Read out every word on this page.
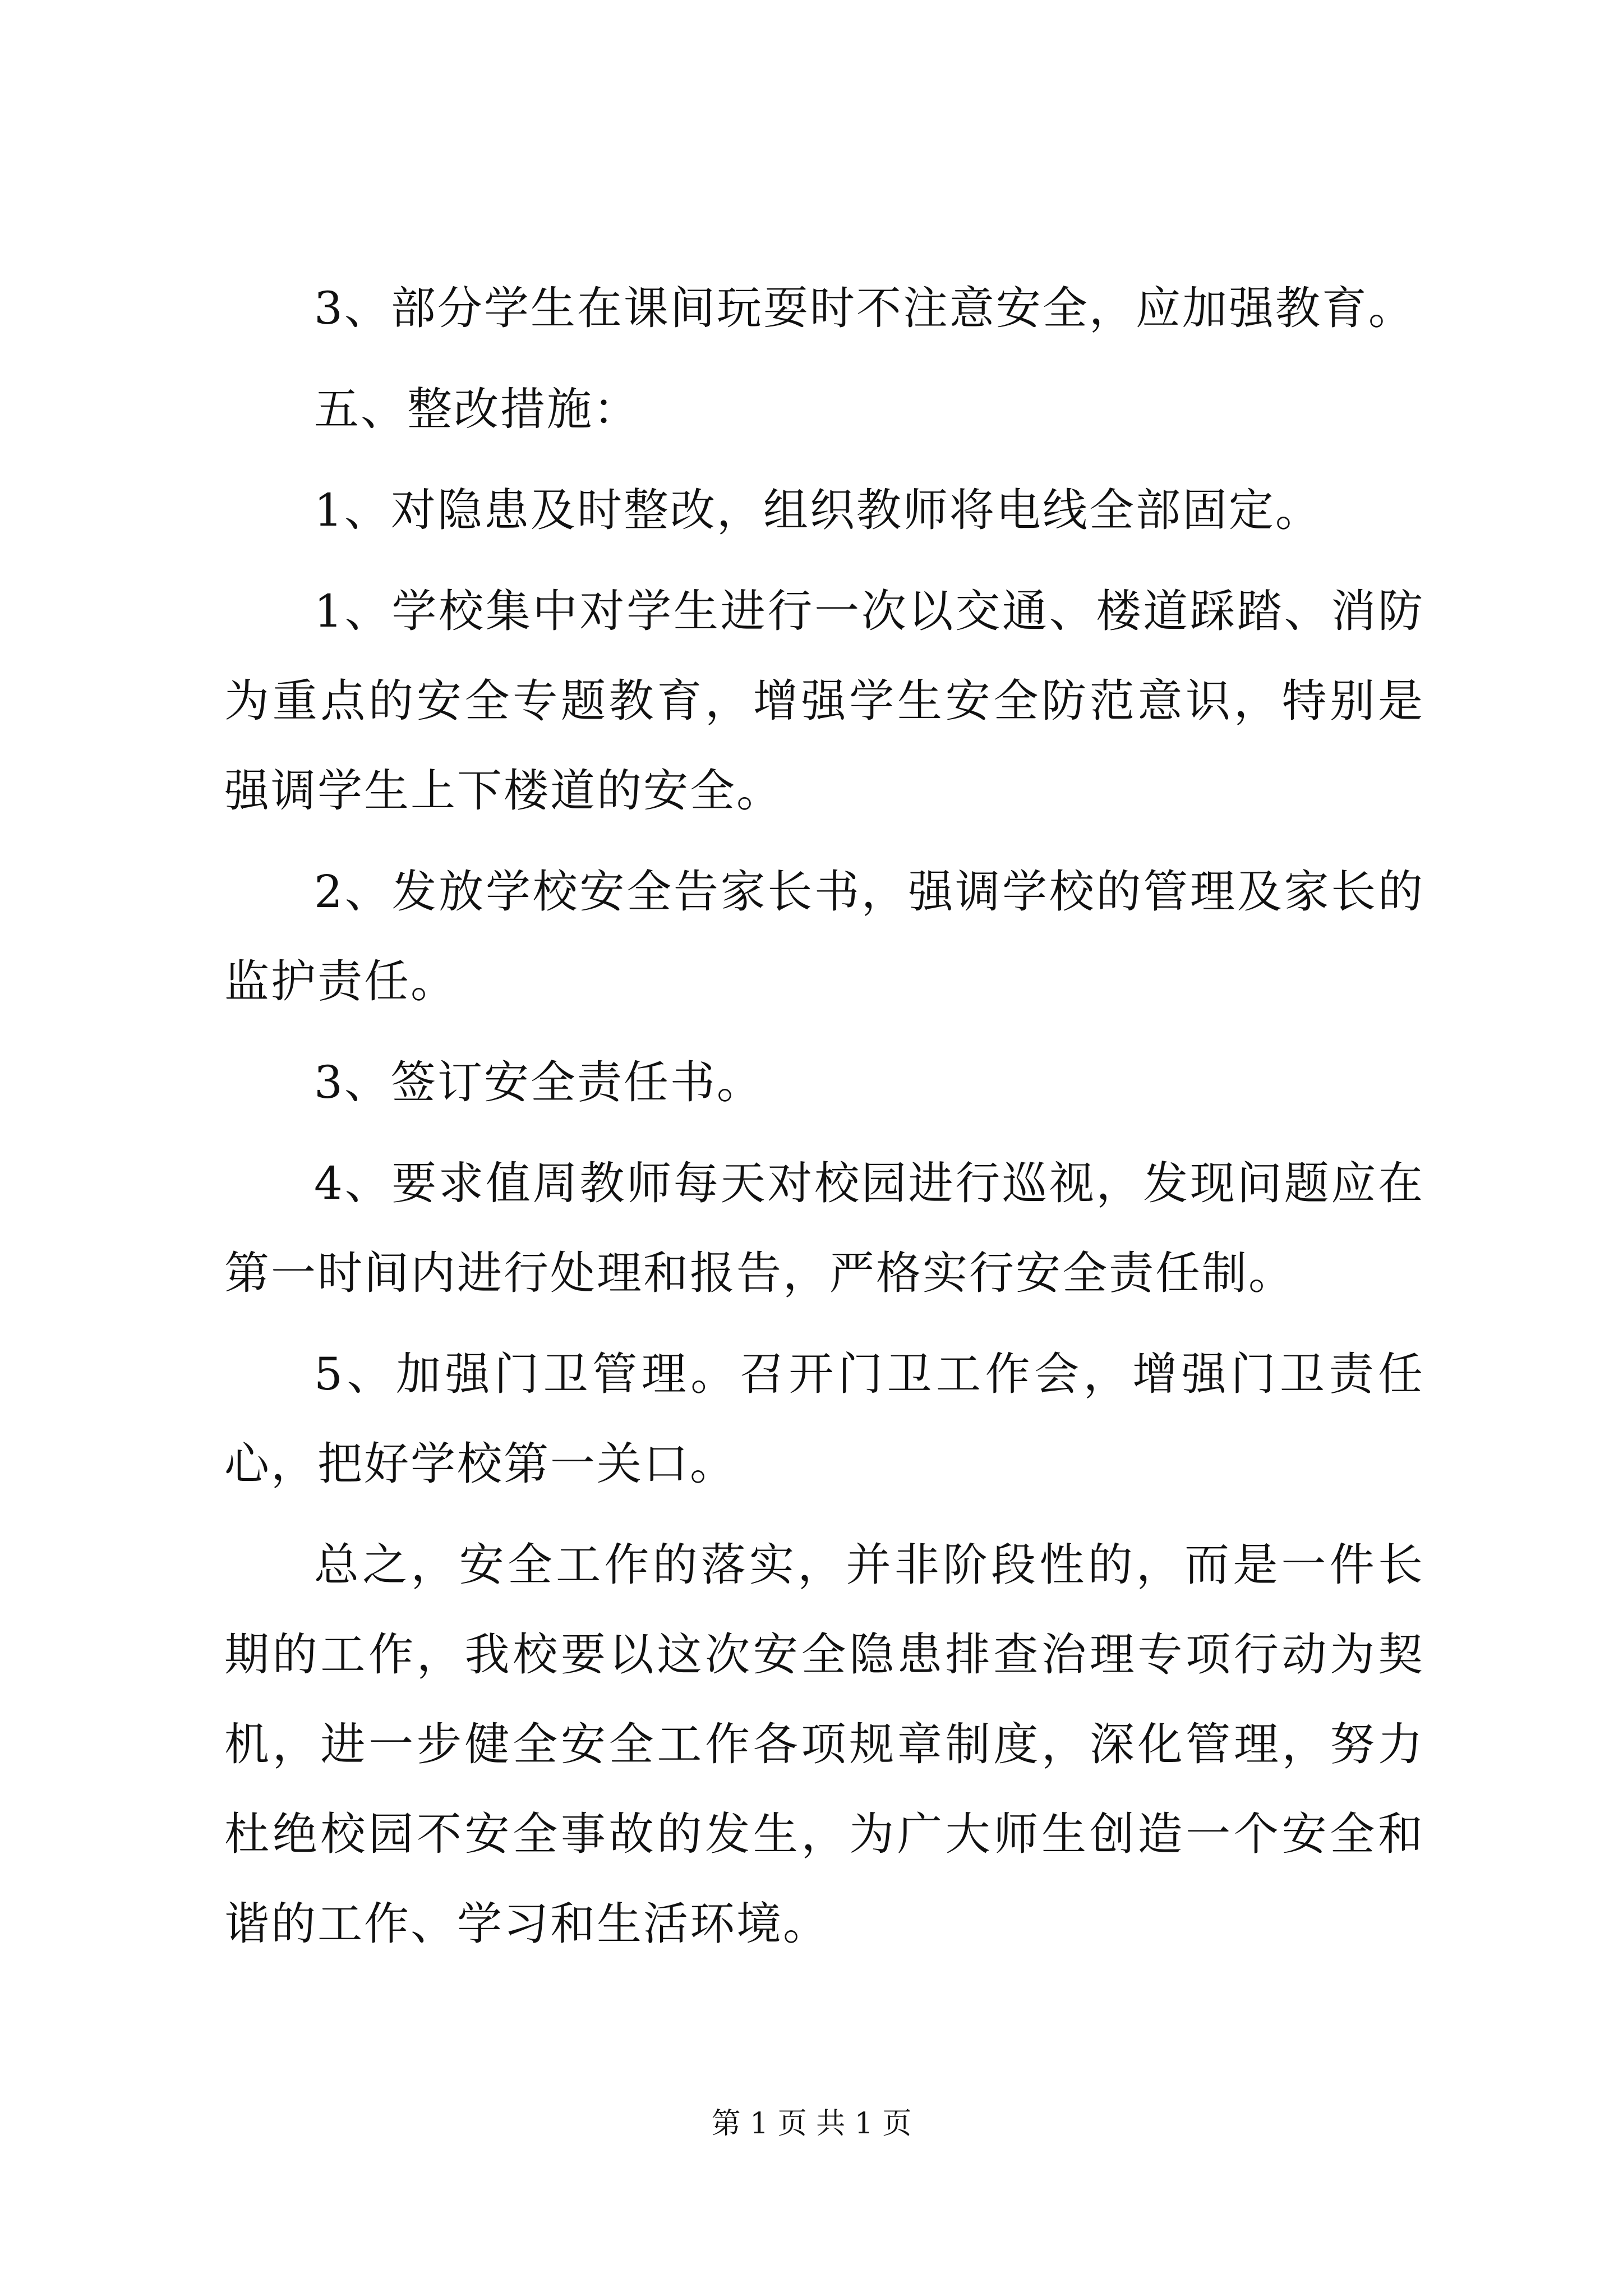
3、部分学生在课间玩耍时不注意安全，应加强教育。

五、整改措施：

1、对隐患及时整改，组织教师将电线全部固定。

1、学校集中对学生进行一次以交通、楼道踩踏、消防为重点的安全专题教育，增强学生安全防范意识，特别是强调学生上下楼道的安全。

2、发放学校安全告家长书，强调学校的管理及家长的监护责任。

3、签订安全责任书。

4、要求值周教师每天对校园进行巡视，发现问题应在第一时间内进行处理和报告，严格实行安全责任制。

5、加强门卫管理。召开门卫工作会，增强门卫责任心，把好学校第一关口。

总之，安全工作的落实，并非阶段性的，而是一件长期的工作，我校要以这次安全隐患排查治理专项行动为契机，进一步健全安全工作各项规章制度，深化管理，努力杜绝校园不安全事故的发生，为广大师生创造一个安全和谐的工作、学习和生活环境。

第 1 页 共 1 页
